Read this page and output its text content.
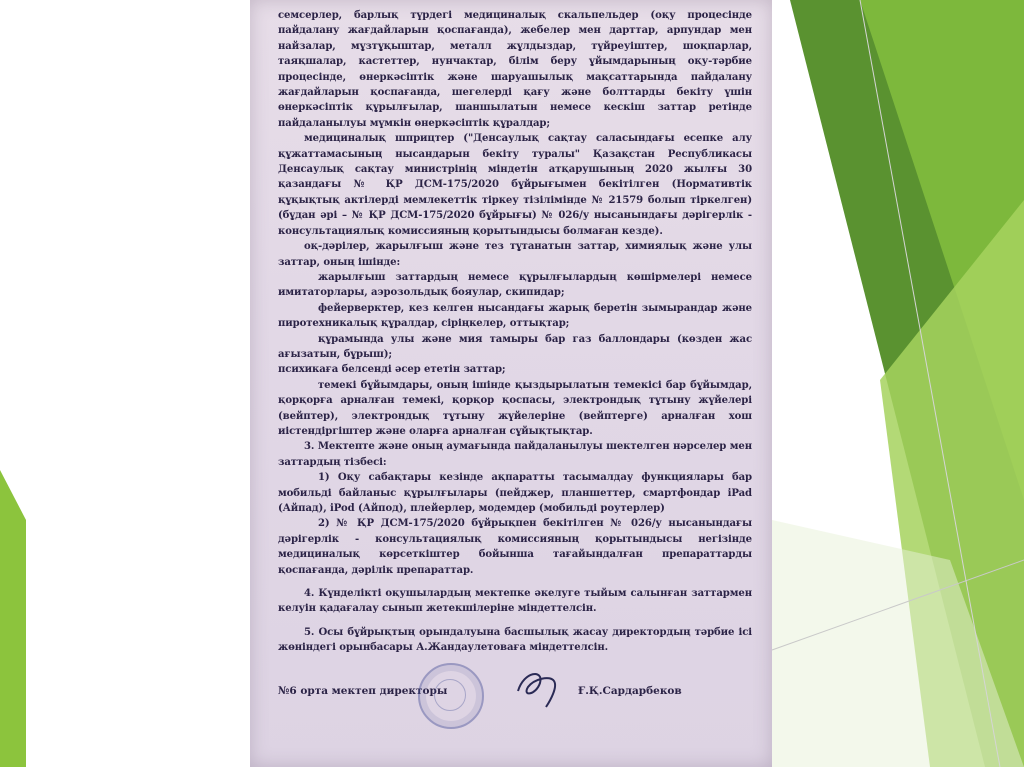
семсерлер, барлық түрдегі медициналық скальпельдер (оқу процесінде пайдалану жағдайларын қоспағанда), жебелер мен дарттар, арпундар мен найзалар, мұзтұқыштар, металл жұлдыздар, түйреуіштер, шоқпарлар, таяқшалар, кастеттер, нунчактар, білім беру ұйымдарының оқу-тәрбие процесінде, өнеркәсіптік және шаруашылық мақсаттарында пайдалану жағдайларын қоспағанда, шегелерді қағу және болттарды бекіту үшін өнеркәсіптік құрылғылар, шаншылатын немесе кескіш заттар ретінде пайдаланылуы мүмкін өнеркәсіптік құралдар;

медициналық шприцтер ("Денсаулық сақтау саласындағы есепке алу құжаттамасының нысандарын бекіту туралы" Қазақстан Республикасы Денсаулық сақтау министрінің міндетін атқарушының 2020 жылғы 30 қазандағы № ҚР ДСМ-175/2020 бұйрығымен бекітілген (Нормативтік құқықтық актілерді мемлекеттік тіркеу тізілімінде № 21579 болып тіркелген) (бұдан әрі – № ҚР ДСМ-175/2020 бұйрығы) № 026/у нысанындағы дәрігерлік - консультациялық комиссияның қорытындысы болмаған кезде).

оқ-дәрілер, жарылғыш және тез тұтанатын заттар, химиялық және улы заттар, оның ішінде:

жарылғыш заттардың немесе құрылғылардың көшірмелері немесе имитаторлары, аэрозольдық бояулар, скипидар;

фейерверктер, кез келген нысандағы жарық беретін зымырандар және пиротехникалық құралдар, сіріңкелер, оттықтар;

құрамында улы және мия тамыры бар газ баллондары (көзден жас ағызатын, бұрыш);

психикаға белсенді әсер ететін заттар;

темекі бұйымдары, оның ішінде қыздырылатын темекісі бар бұйымдар, қорқорға арналған темекі, қорқор қоспасы, электрондық тұтыну жүйелері (вейптер), электрондық тұтыну жүйелеріне (вейптерге) арналған хош иістендіргіштер және оларға арналған сұйықтықтар.

3. Мектепте және оның аумағында пайдаланылуы шектелген нәрселер мен заттардың тізбесі:

1) Оқу сабақтары кезінде ақпаратты тасымалдау функциялары бар мобильді байланыс құрылғылары (пейджер, планшеттер, смартфондар iPad (Айпад), iPod (Айпод), плейерлер, модемдер (мобильді роутерлер)

2) № ҚР ДСМ-175/2020 бұйрықпен бекітілген № 026/у нысанындағы дәрігерлік - консультациялық комиссияның қорытындысы негізінде медициналық көрсеткіштер бойынша тағайындалған препараттарды қоспағанда, дәрілік препараттар.

4. Күнделікті оқушылардың мектепке әкелуге тыйым салынған заттармен келуін қадағалау сынып жетекшілеріне міндеттелсін.

5. Осы бұйрықтың орындалуына басшылық жасау директордың тәрбие ісі жөніндегі орынбасары А.Жандаулетоваға міндеттелсін.

№6 орта мектеп директоры	Ғ.Қ.Сардарбеков
